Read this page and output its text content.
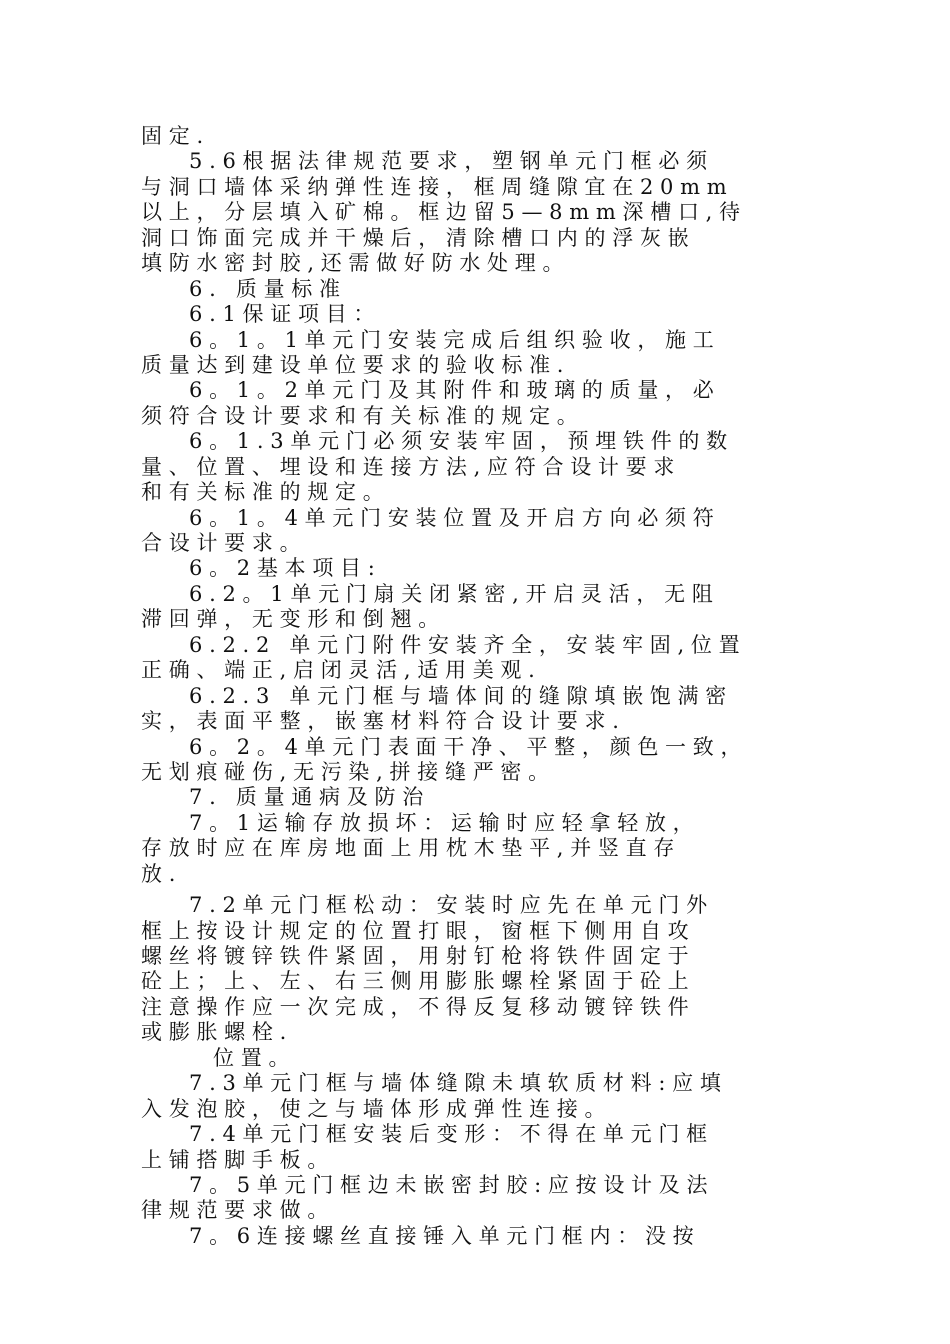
固定.
5.6根据法律规范要求，塑钢单元门框必须
与洞口墙体采纳弹性连接，框周缝隙宜在20mm
以上，分层填入矿棉。框边留5—8mm深槽口,待
洞口饰面完成并干燥后，清除槽口内的浮灰嵌
填防水密封胶,还需做好防水处理。
6. 质量标准
6.1保证项目：
6。1。1单元门安装完成后组织验收，施工
质量达到建设单位要求的验收标准.
6。1。2单元门及其附件和玻璃的质量，必
须符合设计要求和有关标准的规定。
6。1.3单元门必须安装牢固，预埋铁件的数
量、位置、埋设和连接方法,应符合设计要求
和有关标准的规定。
6。1。4单元门安装位置及开启方向必须符
合设计要求。
6。2基本项目:
6.2。1单元门扇关闭紧密,开启灵活，无阻
滞回弹，无变形和倒翘。
6.2.2 单元门附件安装齐全，安装牢固,位置
正确、端正,启闭灵活,适用美观.
6.2.3 单元门框与墙体间的缝隙填嵌饱满密
实，表面平整，嵌塞材料符合设计要求.
6。2。4单元门表面干净、平整，颜色一致，
无划痕碰伤,无污染,拼接缝严密。
7. 质量通病及防治
7。1运输存放损坏：运输时应轻拿轻放，
存放时应在库房地面上用枕木垫平,并竖直存
放.
7.2单元门框松动：安装时应先在单元门外
框上按设计规定的位置打眼，窗框下侧用自攻
螺丝将镀锌铁件紧固，用射钉枪将铁件固定于
砼上；上、左、右三侧用膨胀螺栓紧固于砼上
注意操作应一次完成，不得反复移动镀锌铁件
或膨胀螺栓.
位置。
7.3单元门框与墙体缝隙未填软质材料:应填
入发泡胶，使之与墙体形成弹性连接。
7.4单元门框安装后变形：不得在单元门框
上铺搭脚手板。
7。5单元门框边未嵌密封胶:应按设计及法
律规范要求做。
7。6连接螺丝直接锤入单元门框内：没按
